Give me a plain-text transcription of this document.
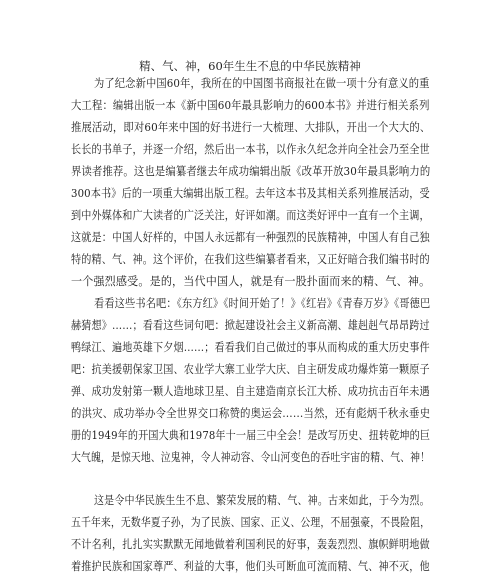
精、气、神，60年生生不息的中华民族精神

为了纪念新中国60年，我所在的中国图书商报社在做一项十分有意义的重

大工程：编辑出版一本《新中国60年最具影响力的600本书》并进行相关系列

推展活动，即对60年来中国的好书进行一大梳理、大排队，开出一个大大的、

长长的书单子，并逐一介绍，然后出一本书，以作永久纪念并向全社会乃至全世

界读者推荐。这也是编纂者继去年成功编辑出版《改革开放30年最具影响力的

300本书》后的一项重大编辑出版工程。去年这本书及其相关系列推展活动，受

到中外媒体和广大读者的广泛关注，好评如潮。而这类好评中一直有一个主调，

这就是：中国人好样的，中国人永远都有一种强烈的民族精神，中国人有自己独

特的精、气、神。这个评价，在我们这些编纂者看来，又正好暗合我们编书时的

一个强烈感受。是的，当代中国人，就是有一股扑面而来的精、气、神。

看看这些书名吧：《东方红》《时间开始了！》《红岩》《青春万岁》《哥德巴

赫猜想》……；看看这些词句吧：掀起建设社会主义新高潮、雄赳赳气昂昂跨过

鸭绿江、遍地英雄下夕烟……；看看我们自己做过的事从而构成的重大历史事件

吧：抗美援朝保家卫国、农业学大寨工业学大庆、自主研发成功爆炸第一颗原子

弹、成功发射第一颗人造地球卫星、自主建造南京长江大桥、成功抗击百年未遇

的洪灾、成功举办令全世界交口称赞的奥运会……当然，还有彪炳千秋永垂史

册的1949年的开国大典和1978年十一届三中全会！是改写历史、扭转乾坤的巨

大气魄，是惊天地、泣鬼神，令人神动容、令山河变色的吞吐宇宙的精、气、神！

这是令中华民族生生不息、繁荣发展的精、气、神。古来如此，于今为烈。

五千年来，无数华夏子孙，为了民族、国家、正义、公理，不屈强豪，不畏险阻，

不计名利，扎扎实实默默无闻地做着利国利民的好事，轰轰烈烈、旗帜鲜明地做

着推护民族和国家尊严、利益的大事，他们头可断血可流而精、气、神不灭，他
